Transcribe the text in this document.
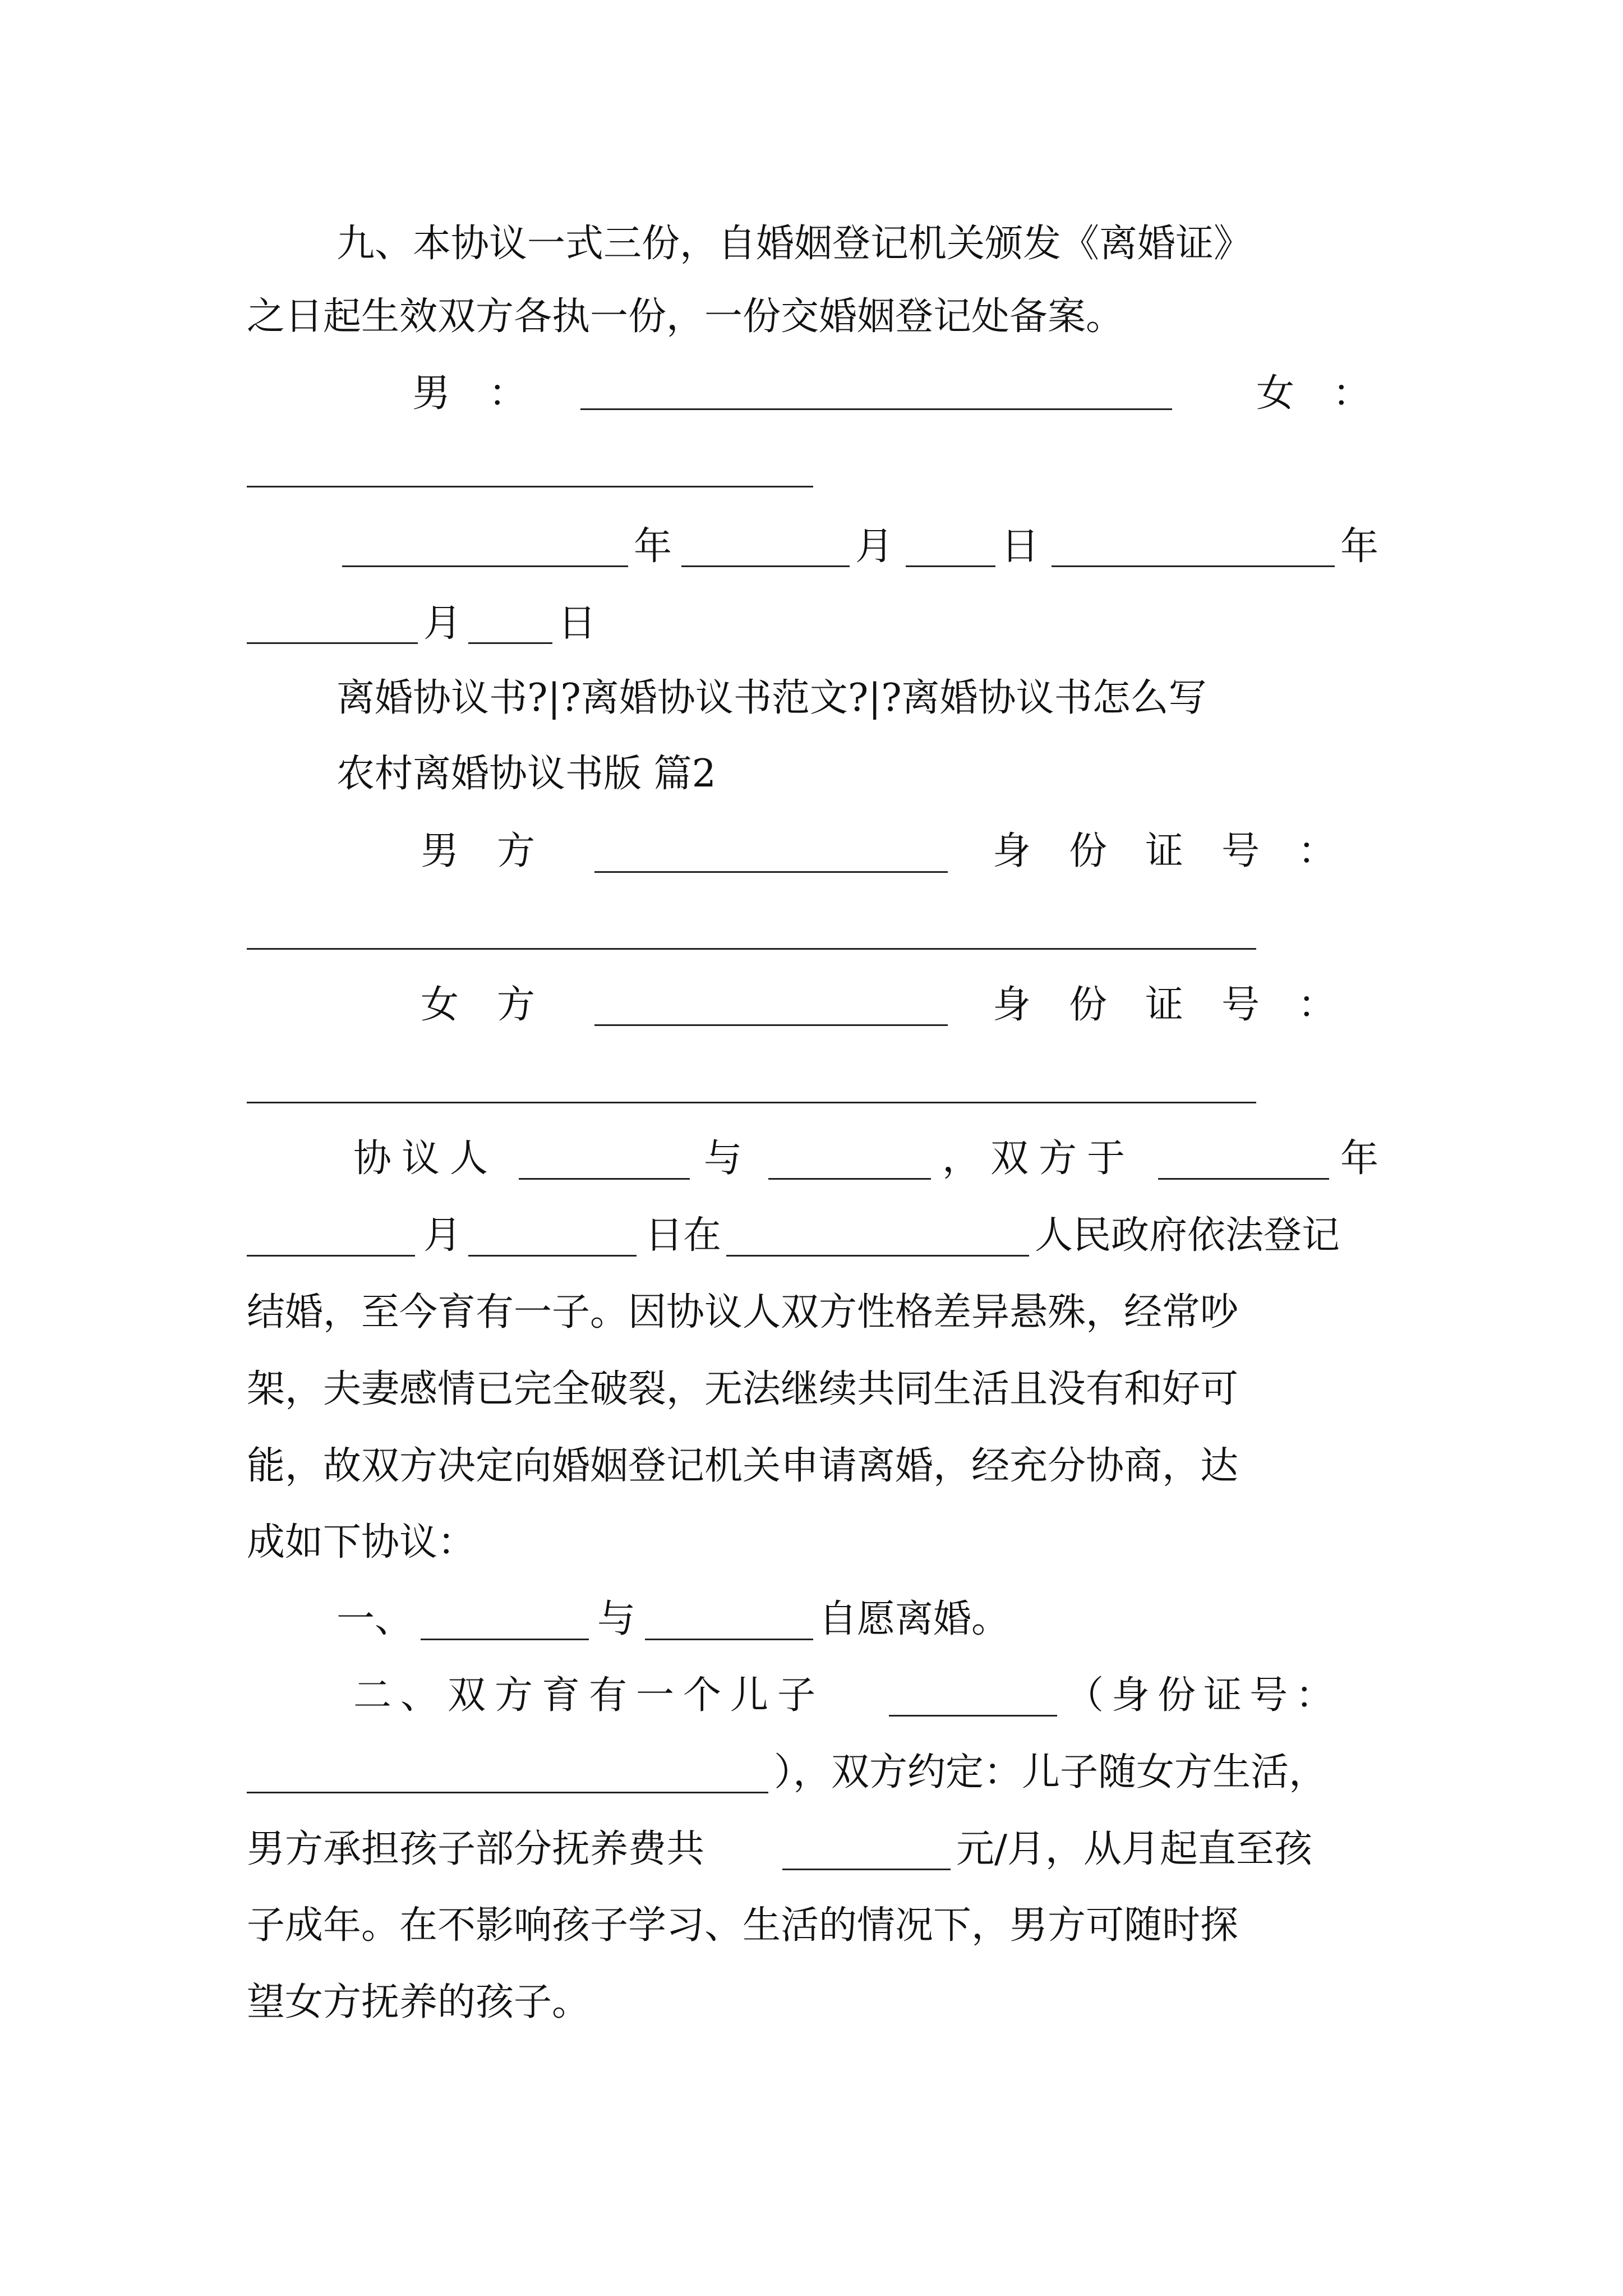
九、本协议一式三份，自婚姻登记机关颁发《离婚证》
之日起生效双方各执一份，一份交婚姻登记处备案。
男　：	女　：
年	月	日	年
月	日
离婚协议书?|?离婚协议书范文?|?离婚协议书怎么写
农村离婚协议书版 篇2
男　方	身　份　证　号　：
女　方	身　份　证　号　：
协议人	与	，双方于	年
月	日在	人民政府依法登记
结婚，至今育有一子。因协议人双方性格差异悬殊，经常吵
架，夫妻感情已完全破裂，无法继续共同生活且没有和好可
能，故双方决定向婚姻登记机关申请离婚，经充分协商，达
成如下协议：
一、	与	自愿离婚。
二、双方育有一个儿子	（身份证号：
），双方约定：儿子随女方生活，
男方承担孩子部分抚养费共	元/月，从月起直至孩
子成年。在不影响孩子学习、生活的情况下，男方可随时探
望女方抚养的孩子。
